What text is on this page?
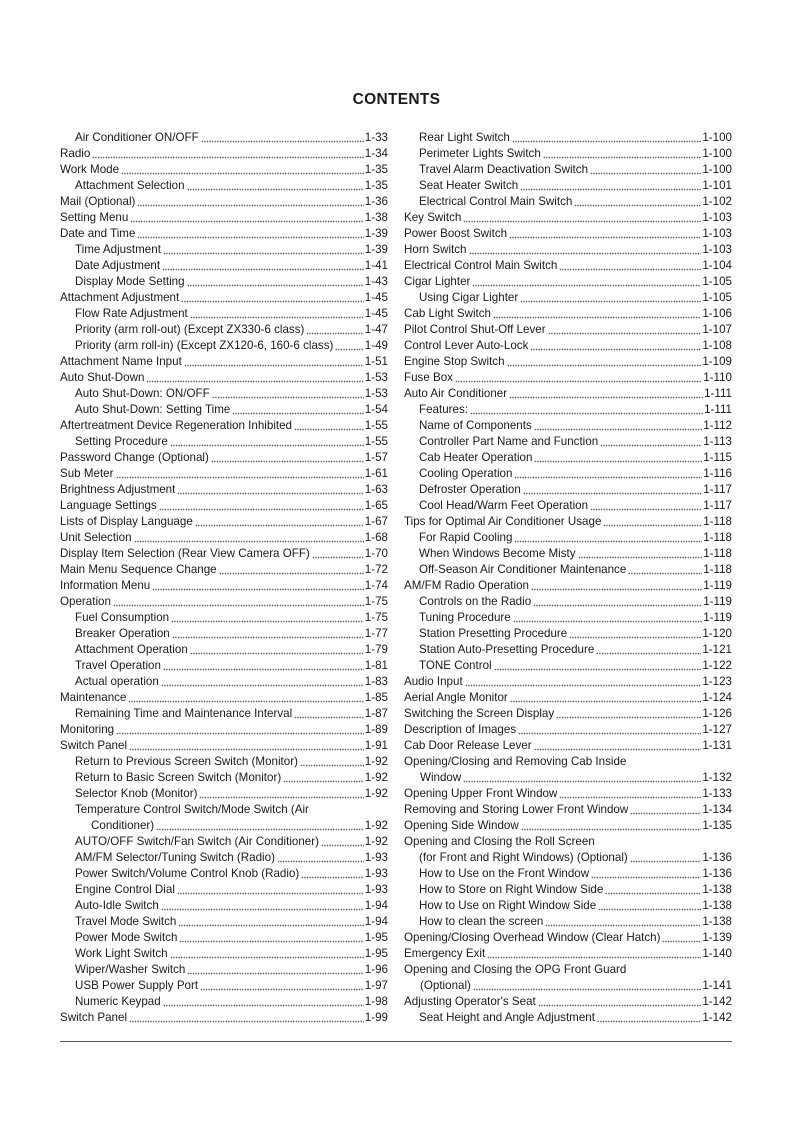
CONTENTS
Air Conditioner ON/OFF	1-33
Radio	1-34
Work Mode	1-35
Attachment Selection	1-35
Mail (Optional)	1-36
Setting Menu	1-38
Date and Time	1-39
Time Adjustment	1-39
Date Adjustment	1-41
Display Mode Setting	1-43
Attachment Adjustment	1-45
Flow Rate Adjustment	1-45
Priority (arm roll-out) (Except ZX330-6 class)	1-47
Priority (arm roll-in) (Except ZX120-6, 160-6 class)	1-49
Attachment Name Input	1-51
Auto Shut-Down	1-53
Auto Shut-Down: ON/OFF	1-53
Auto Shut-Down: Setting Time	1-54
Aftertreatment Device Regeneration Inhibited	1-55
Setting Procedure	1-55
Password Change (Optional)	1-57
Sub Meter	1-61
Brightness Adjustment	1-63
Language Settings	1-65
Lists of Display Language	1-67
Unit Selection	1-68
Display Item Selection (Rear View Camera OFF)	1-70
Main Menu Sequence Change	1-72
Information Menu	1-74
Operation	1-75
Fuel Consumption	1-75
Breaker Operation	1-77
Attachment Operation	1-79
Travel Operation	1-81
Actual operation	1-83
Maintenance	1-85
Remaining Time and Maintenance Interval	1-87
Monitoring	1-89
Switch Panel	1-91
Return to Previous Screen Switch (Monitor)	1-92
Return to Basic Screen Switch (Monitor)	1-92
Selector Knob (Monitor)	1-92
Temperature Control Switch/Mode Switch (Air
Conditioner)	1-92
AUTO/OFF Switch/Fan Switch (Air Conditioner)	1-92
AM/FM Selector/Tuning Switch (Radio)	1-93
Power Switch/Volume Control Knob (Radio)	1-93
Engine Control Dial	1-93
Auto-Idle Switch	1-94
Travel Mode Switch	1-94
Power Mode Switch	1-95
Work Light Switch	1-95
Wiper/Washer Switch	1-96
USB Power Supply Port	1-97
Numeric Keypad	1-98
Switch Panel	1-99
Rear Light Switch	1-100
Perimeter Lights Switch	1-100
Travel Alarm Deactivation Switch	1-100
Seat Heater Switch	1-101
Electrical Control Main Switch	1-102
Key Switch	1-103
Power Boost Switch	1-103
Horn Switch	1-103
Electrical Control Main Switch	1-104
Cigar Lighter	1-105
Using Cigar Lighter	1-105
Cab Light Switch	1-106
Pilot Control Shut-Off Lever	1-107
Control Lever Auto-Lock	1-108
Engine Stop Switch	1-109
Fuse Box	1-110
Auto Air Conditioner	1-111
Features:	1-111
Name of Components	1-112
Controller Part Name and Function	1-113
Cab Heater Operation	1-115
Cooling Operation	1-116
Defroster Operation	1-117
Cool Head/Warm Feet Operation	1-117
Tips for Optimal Air Conditioner Usage	1-118
For Rapid Cooling	1-118
When Windows Become Misty	1-118
Off-Season Air Conditioner Maintenance	1-118
AM/FM Radio Operation	1-119
Controls on the Radio	1-119
Tuning Procedure	1-119
Station Presetting Procedure	1-120
Station Auto-Presetting Procedure	1-121
TONE Control	1-122
Audio Input	1-123
Aerial Angle Monitor	1-124
Switching the Screen Display	1-126
Description of Images	1-127
Cab Door Release Lever	1-131
Opening/Closing and Removing Cab Inside
Window	1-132
Opening Upper Front Window	1-133
Removing and Storing Lower Front Window	1-134
Opening Side Window	1-135
Opening and Closing the Roll Screen
(for Front and Right Windows) (Optional)	1-136
How to Use on the Front Window	1-136
How to Store on Right Window Side	1-138
How to Use on Right Window Side	1-138
How to clean the screen	1-138
Opening/Closing Overhead Window (Clear Hatch)	1-139
Emergency Exit	1-140
Opening and Closing the OPG Front Guard
(Optional)	1-141
Adjusting Operator's Seat	1-142
Seat Height and Angle Adjustment	1-142
